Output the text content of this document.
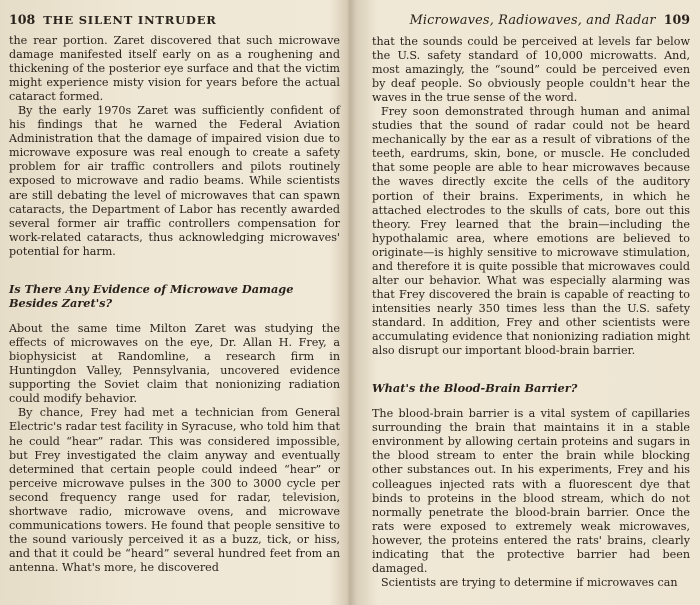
108 THE SILENT INTRUDER

the rear portion. Zaret discovered that such microwave damage manifested itself early on as a roughening and thickening of the posterior eye surface and that the victim might experience misty vision for years before the actual cataract formed.

By the early 1970s Zaret was sufficiently confident of his findings that he warned the Federal Aviation Administration that the damage of impaired vision due to microwave exposure was real enough to create a safety problem for air traffic controllers and pilots routinely exposed to microwave and radio beams. While scientists are still debating the level of microwaves that can spawn cataracts, the Department of Labor has recently awarded several former air traffic controllers compensation for work-related cataracts, thus acknowledging microwaves' potential for harm.

Is There Any Evidence of Microwave Damage Besides Zaret's?

About the same time Milton Zaret was studying the effects of microwaves on the eye, Dr. Allan H. Frey, a biophysicist at Randomline, a research firm in Huntingdon Valley, Pennsylvania, uncovered evidence supporting the Soviet claim that nonionizing radiation could modify behavior.

By chance, Frey had met a technician from General Electric's radar test facility in Syracuse, who told him that he could “hear” radar. This was considered impossible, but Frey investigated the claim anyway and eventually determined that certain people could indeed “hear” or perceive microwave pulses in the 300 to 3000 cycle per second frequency range used for radar, television, shortwave radio, microwave ovens, and microwave communications towers. He found that people sensitive to the sound variously perceived it as a buzz, tick, or hiss, and that it could be “heard” several hundred feet from an antenna. What's more, he discovered

Microwaves, Radiowaves, and Radar 109

that the sounds could be perceived at levels far below the U.S. safety standard of 10,000 microwatts. And, most amazingly, the “sound” could be perceived even by deaf people. So obviously people couldn't hear the waves in the true sense of the word.

Frey soon demonstrated through human and animal studies that the sound of radar could not be heard mechanically by the ear as a result of vibrations of the teeth, eardrums, skin, bone, or muscle. He concluded that some people are able to hear microwaves because the waves directly excite the cells of the auditory portion of their brains. Experiments, in which he attached electrodes to the skulls of cats, bore out this theory. Frey learned that the brain—including the hypothalamic area, where emotions are believed to originate—is highly sensitive to microwave stimulation, and therefore it is quite possible that microwaves could alter our behavior. What was especially alarming was that Frey discovered the brain is capable of reacting to intensities nearly 350 times less than the U.S. safety standard. In addition, Frey and other scientists were accumulating evidence that nonionizing radiation might also disrupt our important blood-brain barrier.

What's the Blood-Brain Barrier?

The blood-brain barrier is a vital system of capillaries surrounding the brain that maintains it in a stable environment by allowing certain proteins and sugars in the blood stream to enter the brain while blocking other substances out. In his experiments, Frey and his colleagues injected rats with a fluorescent dye that binds to proteins in the blood stream, which do not normally penetrate the blood-brain barrier. Once the rats were exposed to extremely weak microwaves, however, the proteins entered the rats' brains, clearly indicating that the protective barrier had been damaged.

Scientists are trying to determine if microwaves can
